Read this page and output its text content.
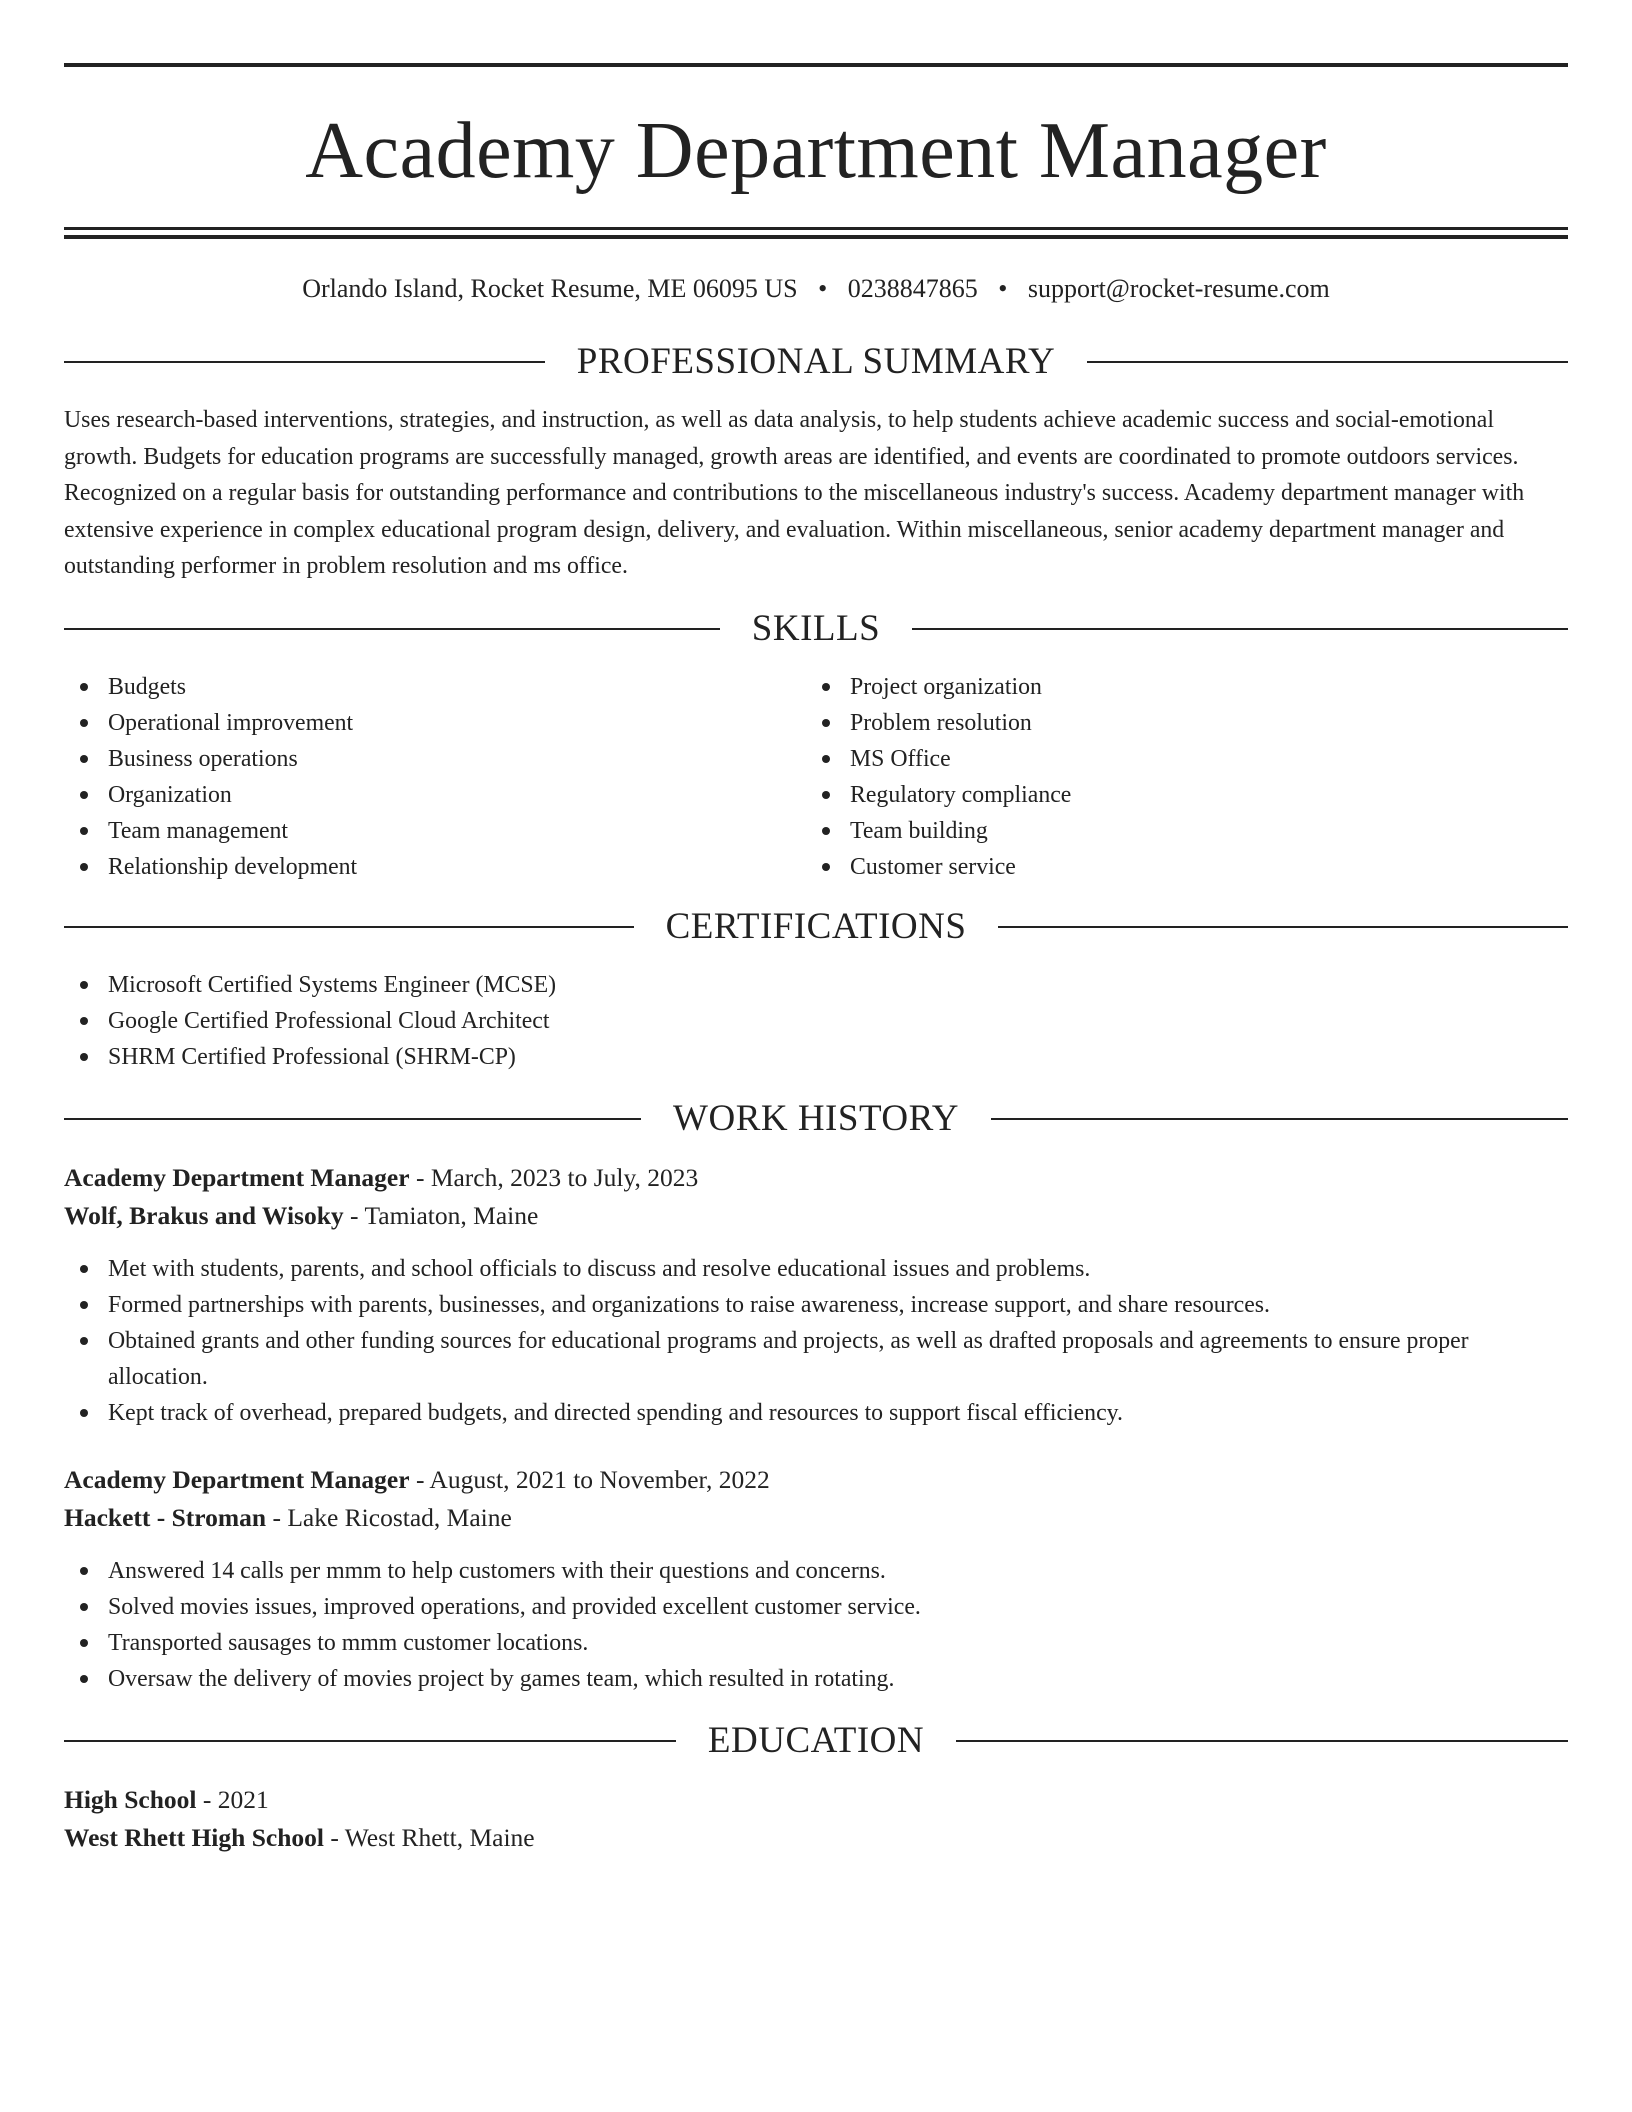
Academy Department Manager

Orlando Island, Rocket Resume, ME 06095 US • 0238847865 • support@rocket-resume.com

PROFESSIONAL SUMMARY

Uses research-based interventions, strategies, and instruction, as well as data analysis, to help students achieve academic success and social-emotional growth. Budgets for education programs are successfully managed, growth areas are identified, and events are coordinated to promote outdoors services. Recognized on a regular basis for outstanding performance and contributions to the miscellaneous industry's success. Academy department manager with extensive experience in complex educational program design, delivery, and evaluation. Within miscellaneous, senior academy department manager and outstanding performer in problem resolution and ms office.

SKILLS
Budgets
Operational improvement
Business operations
Organization
Team management
Relationship development
Project organization
Problem resolution
MS Office
Regulatory compliance
Team building
Customer service
CERTIFICATIONS
Microsoft Certified Systems Engineer (MCSE)
Google Certified Professional Cloud Architect
SHRM Certified Professional (SHRM-CP)
WORK HISTORY

Academy Department Manager - March, 2023 to July, 2023

Wolf, Brakus and Wisoky - Tamiaton, Maine

Met with students, parents, and school officials to discuss and resolve educational issues and problems.
Formed partnerships with parents, businesses, and organizations to raise awareness, increase support, and share resources.
Obtained grants and other funding sources for educational programs and projects, as well as drafted proposals and agreements to ensure proper allocation.
Kept track of overhead, prepared budgets, and directed spending and resources to support fiscal efficiency.

Academy Department Manager - August, 2021 to November, 2022

Hackett - Stroman - Lake Ricostad, Maine

Answered 14 calls per mmm to help customers with their questions and concerns.
Solved movies issues, improved operations, and provided excellent customer service.
Transported sausages to mmm customer locations.
Oversaw the delivery of movies project by games team, which resulted in rotating.
EDUCATION

High School - 2021

West Rhett High School - West Rhett, Maine
